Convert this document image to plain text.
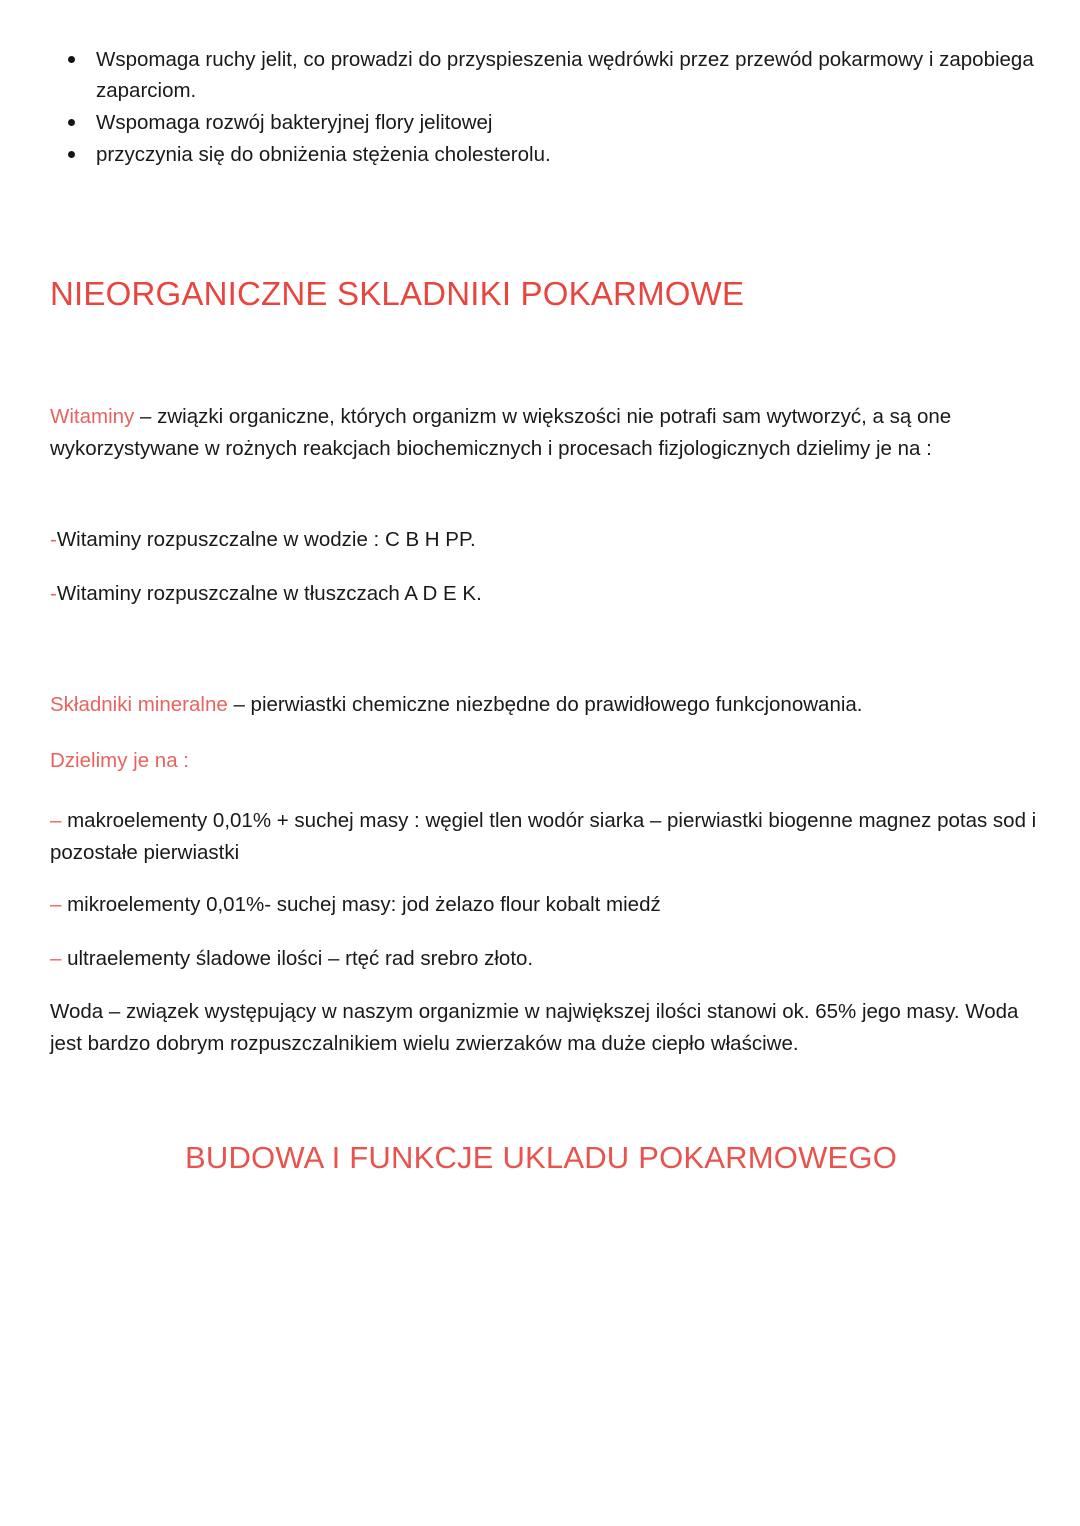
Wspomaga ruchy jelit, co prowadzi do przyspieszenia wędrówki przez przewód pokarmowy i zapobiega zaparciom.
Wspomaga rozwój bakteryjnej flory jelitowej
przyczynia się do obniżenia stężenia cholesterolu.
NIEORGANICZNE SKLADNIKI POKARMOWE

Witaminy – związki organiczne, których organizm w większości nie potrafi sam wytworzyć, a są one wykorzystywane w rożnych reakcjach biochemicznych i procesach fizjologicznych dzielimy je na :

-Witaminy rozpuszczalne w wodzie : C B H PP.

-Witaminy rozpuszczalne w tłuszczach A D E K.

Składniki mineralne – pierwiastki chemiczne niezbędne do prawidłowego funkcjonowania.

Dzielimy je na :

– makroelementy 0,01% + suchej masy : węgiel tlen wodór siarka – pierwiastki biogenne magnez potas sod i pozostałe pierwiastki

– mikroelementy 0,01%- suchej masy: jod żelazo flour kobalt miedź

– ultraelementy śladowe ilości – rtęć rad srebro złoto.

Woda – związek występujący w naszym organizmie w największej ilości stanowi ok. 65% jego masy. Woda jest bardzo dobrym rozpuszczalnikiem wielu zwierzaków ma duże ciepło właściwe.

BUDOWA I FUNKCJE UKLADU POKARMOWEGO
